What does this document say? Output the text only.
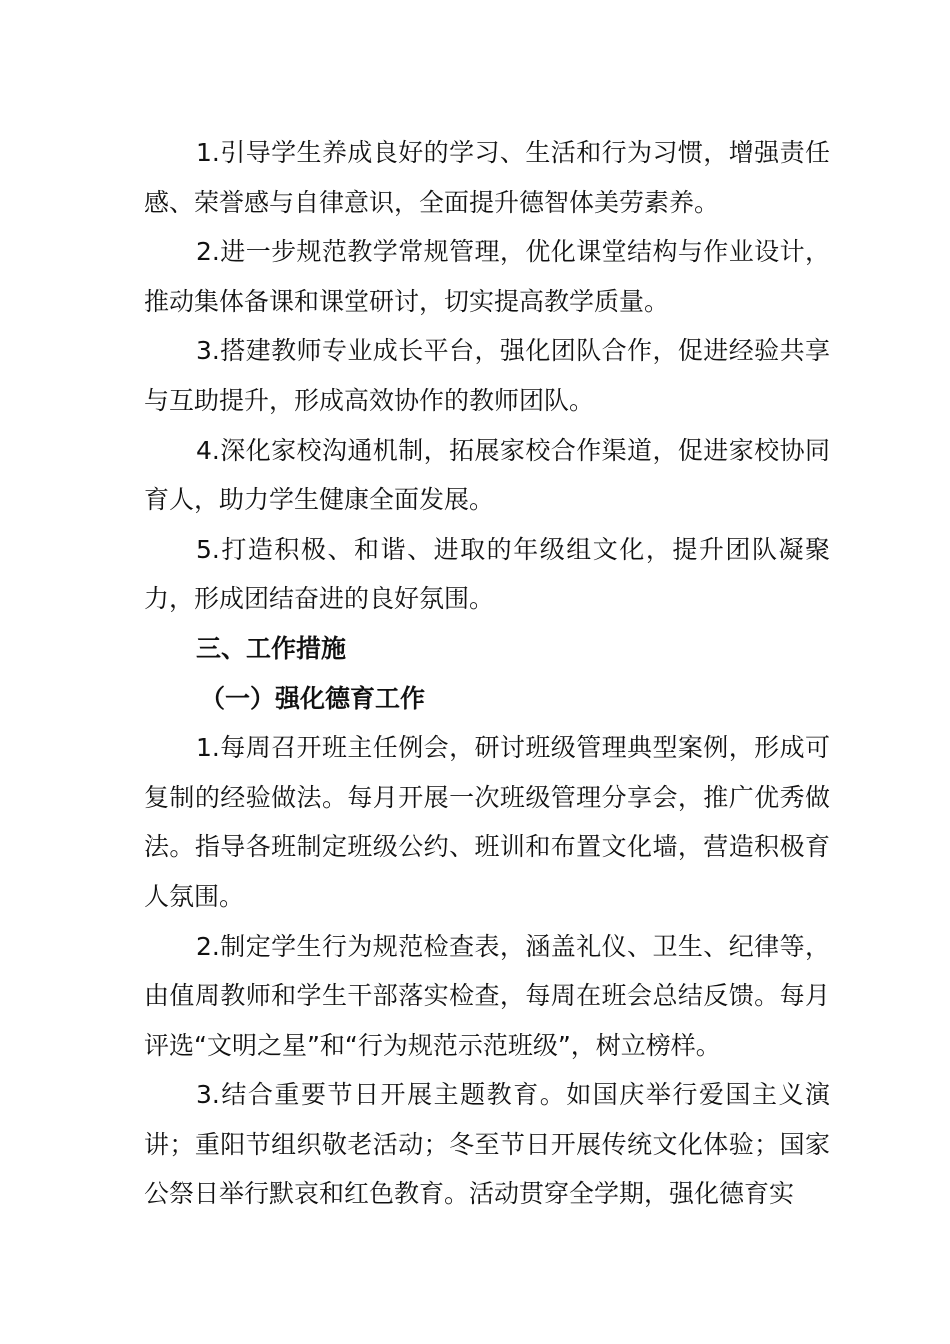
1.引导学生养成良好的学习、生活和行为习惯，增强责任感、荣誉感与自律意识，全面提升德智体美劳素养。

2.进一步规范教学常规管理，优化课堂结构与作业设计，推动集体备课和课堂研讨，切实提高教学质量。

3.搭建教师专业成长平台，强化团队合作，促进经验共享与互助提升，形成高效协作的教师团队。

4.深化家校沟通机制，拓展家校合作渠道，促进家校协同育人，助力学生健康全面发展。

5.打造积极、和谐、进取的年级组文化，提升团队凝聚力，形成团结奋进的良好氛围。

三、工作措施

（一）强化德育工作

1.每周召开班主任例会，研讨班级管理典型案例，形成可复制的经验做法。每月开展一次班级管理分享会，推广优秀做法。指导各班制定班级公约、班训和布置文化墙，营造积极育人氛围。

2.制定学生行为规范检查表，涵盖礼仪、卫生、纪律等，由值周教师和学生干部落实检查，每周在班会总结反馈。每月评选“文明之星”和“行为规范示范班级”，树立榜样。

3.结合重要节日开展主题教育。如国庆举行爱国主义演讲；重阳节组织敬老活动；冬至节日开展传统文化体验；国家公祭日举行默哀和红色教育。活动贯穿全学期，强化德育实
